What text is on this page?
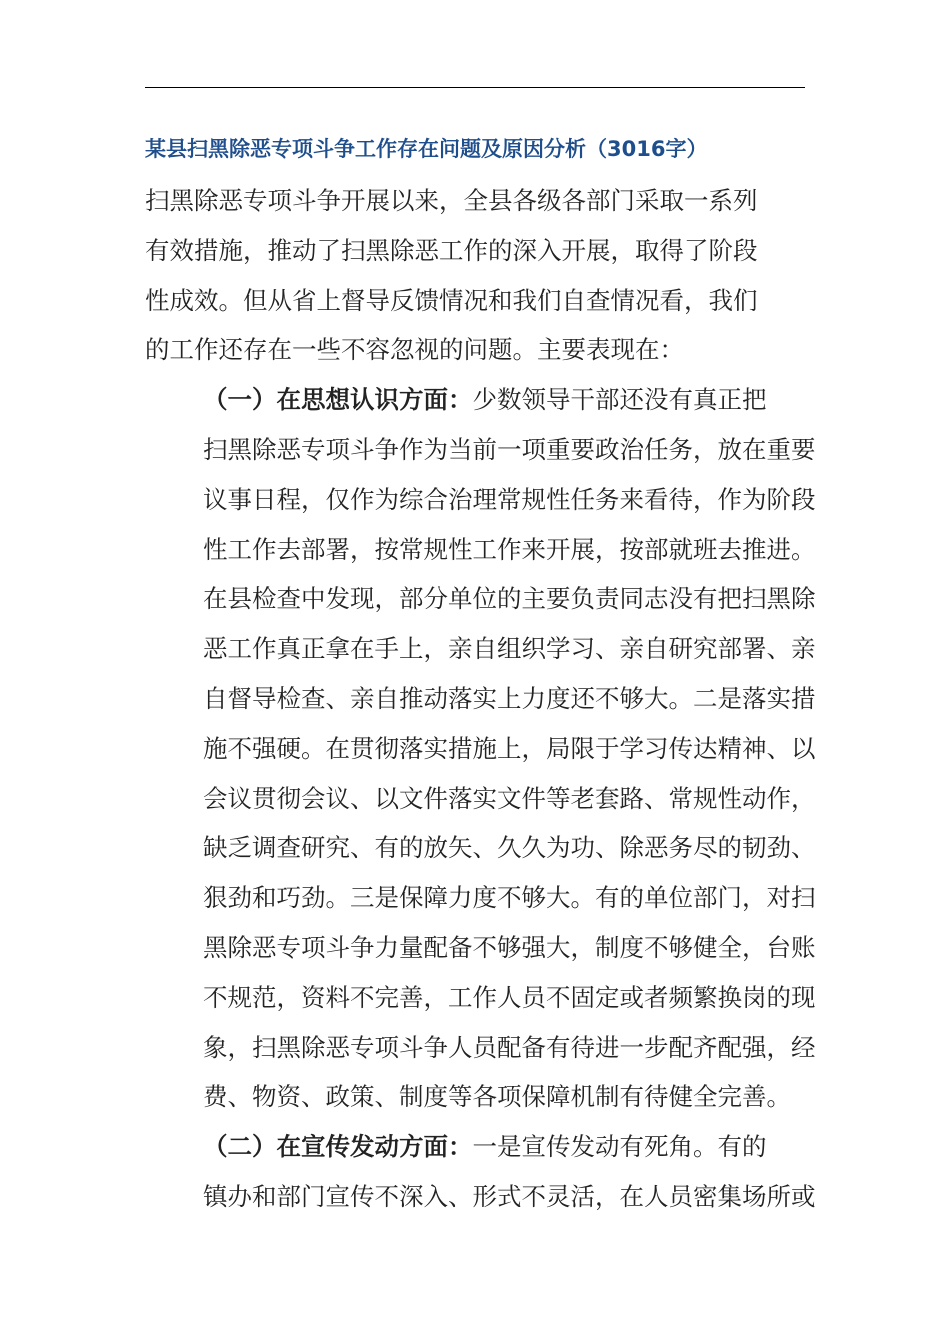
某县扫黑除恶专项斗争工作存在问题及原因分析（3016字）

扫黑除恶专项斗争开展以来，全县各级各部门采取一系列
有效措施，推动了扫黑除恶工作的深入开展，取得了阶段
性成效。但从省上督导反馈情况和我们自查情况看，我们
的工作还存在一些不容忽视的问题。主要表现在：

（一）在思想认识方面：少数领导干部还没有真正把
扫黑除恶专项斗争作为当前一项重要政治任务，放在重要
议事日程，仅作为综合治理常规性任务来看待，作为阶段
性工作去部署，按常规性工作来开展，按部就班去推进。
在县检查中发现，部分单位的主要负责同志没有把扫黑除
恶工作真正拿在手上，亲自组织学习、亲自研究部署、亲
自督导检查、亲自推动落实上力度还不够大。二是落实措
施不强硬。在贯彻落实措施上，局限于学习传达精神、以
会议贯彻会议、以文件落实文件等老套路、常规性动作，
缺乏调查研究、有的放矢、久久为功、除恶务尽的韧劲、
狠劲和巧劲。三是保障力度不够大。有的单位部门，对扫
黑除恶专项斗争力量配备不够强大，制度不够健全，台账
不规范，资料不完善，工作人员不固定或者频繁换岗的现
象，扫黑除恶专项斗争人员配备有待进一步配齐配强，经
费、物资、政策、制度等各项保障机制有待健全完善。

（二）在宣传发动方面：一是宣传发动有死角。有的
镇办和部门宣传不深入、形式不灵活，在人员密集场所或
